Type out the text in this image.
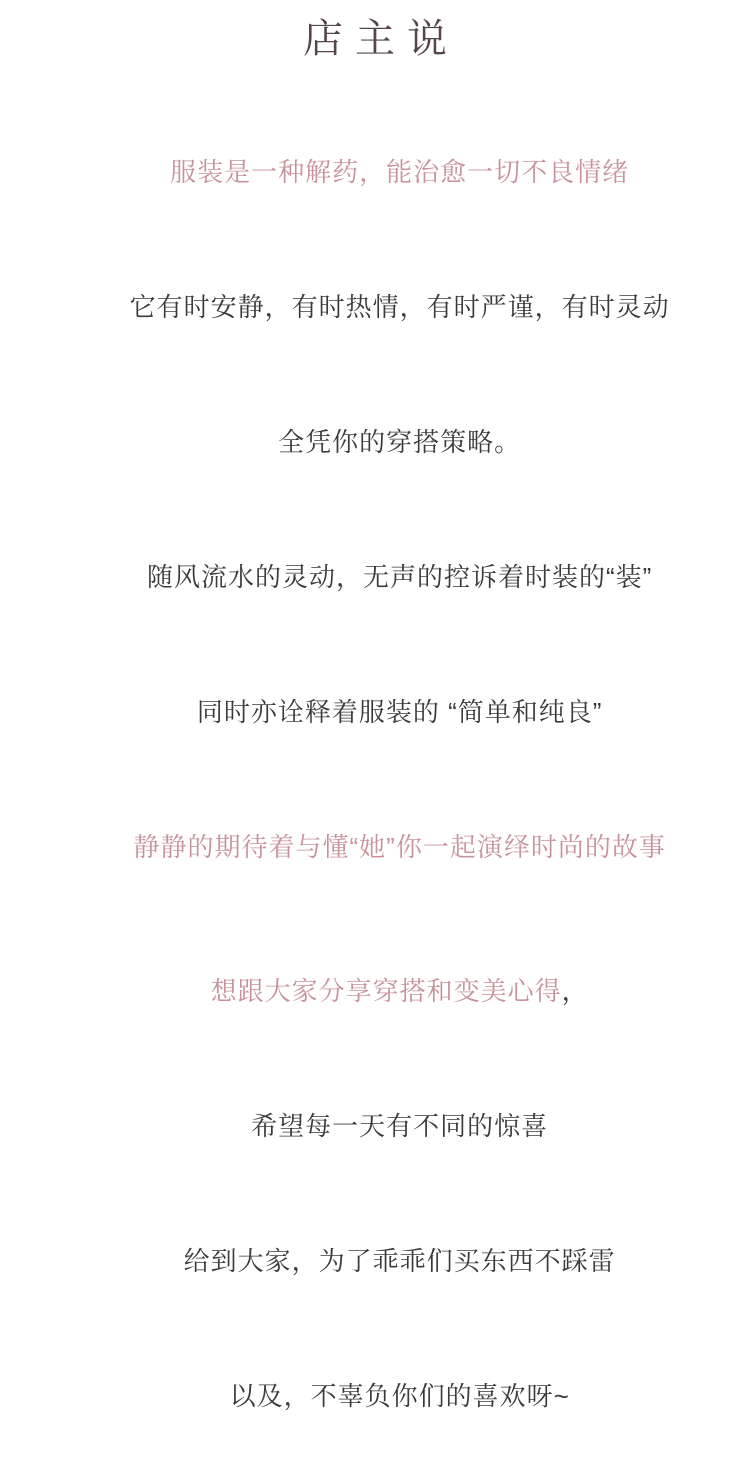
店主说

服装是一种解药，能治愈一切不良情绪

它有时安静，有时热情，有时严谨，有时灵动

全凭你的穿搭策略。

随风流水的灵动，无声的控诉着时装的“装”

同时亦诠释着服装的 “简单和纯良”

静静的期待着与懂“她”你一起演绎时尚的故事

想跟大家分享穿搭和变美心得，

希望每一天有不同的惊喜

给到大家，为了乖乖们买东西不踩雷

以及，不辜负你们的喜欢呀~
